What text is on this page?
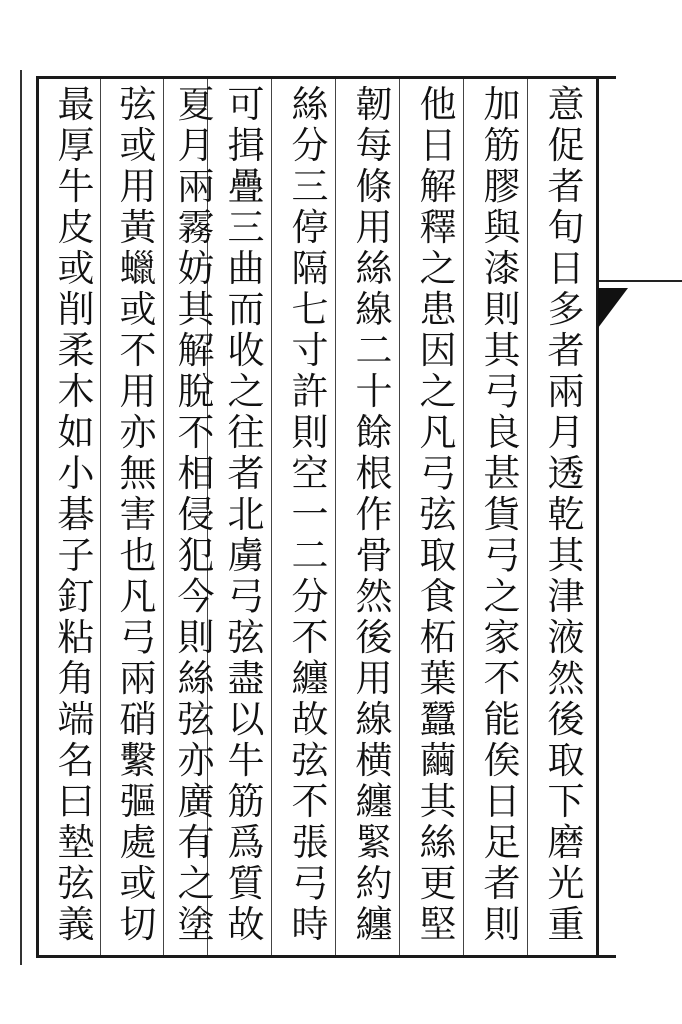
意
促
者
旬
日
多
者
兩
月
透
乾
其
津
液
然
後
取
下
磨
光
重
加
筋
膠
與
漆
則
其
弓
良
甚
貨
弓
之
家
不
能
俟
日
足
者
則
他
日
解
釋
之
患
因
之
凡
弓
弦
取
食
柘
葉
蠶
繭
其
絲
更
堅
韌
每
條
用
絲
線
二
十
餘
根
作
骨
然
後
用
線
横
纏
緊
約
纏
絲
分
三
停
隔
七
寸
許
則
空
一
二
分
不
纏
故
弦
不
張
弓
時
可
揖
疊
三
曲
而
收
之
往
者
北
虜
弓
弦
盡
以
牛
筋
爲
質
故
夏
月
兩
霧
妨
其
解
脫
不
相
侵
犯
今
則
絲
弦
亦
廣
有
之
塗
弦
或
用
黃
蠟
或
不
用
亦
無
害
也
凡
弓
兩
硝
繫
彄
處
或
切
最
厚
牛
皮
或
削
柔
木
如
小
碁
子
釘
粘
角
端
名
曰
墊
弦
義
